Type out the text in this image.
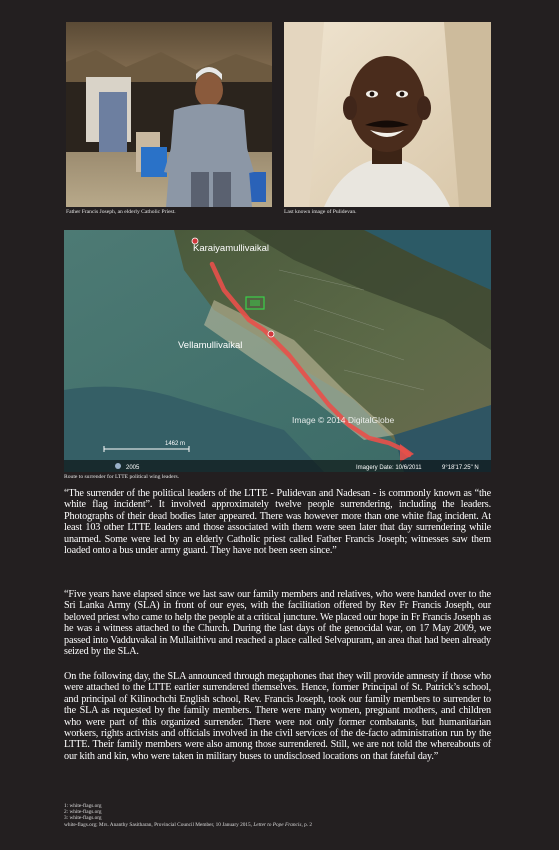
Father Francis Joseph, an elderly Catholic Priest.	Last known image of Pulidevan.
Karaiyamullivaikal
Vellamullivaikal
Image © 2014 DigitalGlobe
1462 m
2005	Imagery Date: 10/6/2011	9°18'17.25" N
Route to surrender for LTTE political wing leaders.

“The surrender of the political leaders of the LTTE - Pulidevan and Nadesan - is commonly known as “the white flag incident”. It involved approximately twelve people surrendering, including the leaders. Photographs of their dead bodies later appeared. There was however more than one white flag incident. At least 103 other LTTE leaders and those associated with them were seen later that day surrendering while unarmed. Some were led by an elderly Catholic priest called Father Francis Joseph; witnesses saw them loaded onto a bus under army guard. They have not been seen since.”

“Five years have elapsed since we last saw our family members and relatives, who were handed over to the Sri Lanka Army (SLA) in front of our eyes, with the facilitation offered by Rev Fr Francis Joseph, our beloved priest who came to help the people at a critical juncture. We placed our hope in Fr Francis Joseph as he was a witness attached to the Church. During the last days of the genocidal war, on 17 May 2009, we passed into Vadduvakal in Mullaithivu and reached a place called Selvapuram, an area that had been already seized by the SLA.

On the following day, the SLA announced through megaphones that they will provide amnesty if those who were attached to the LTTE earlier surrendered themselves. Hence, former Principal of St. Patrick’s school, and principal of Kilinochchi English school, Rev. Francis Joseph, took our family members to surrender to the SLA as requested by the family members. There were many women, pregnant mothers, and children who were part of this organized surrender. There were not only former combatants, but humanitarian workers, rights activists and officials involved in the civil services of the de-facto administration run by the LTTE. Their family members were also among those surrendered. Still, we are not told the whereabouts of our kith and kin, who were taken in military buses to undisclosed locations on that fateful day.”

1: white-flags.org
2: white-flags.org
3: white-flags.org
white-flags.org; Mrs. Ananthy Sasitharan, Provincial Council Member, 10 January 2015, Letter to Pope Francis, p. 2
